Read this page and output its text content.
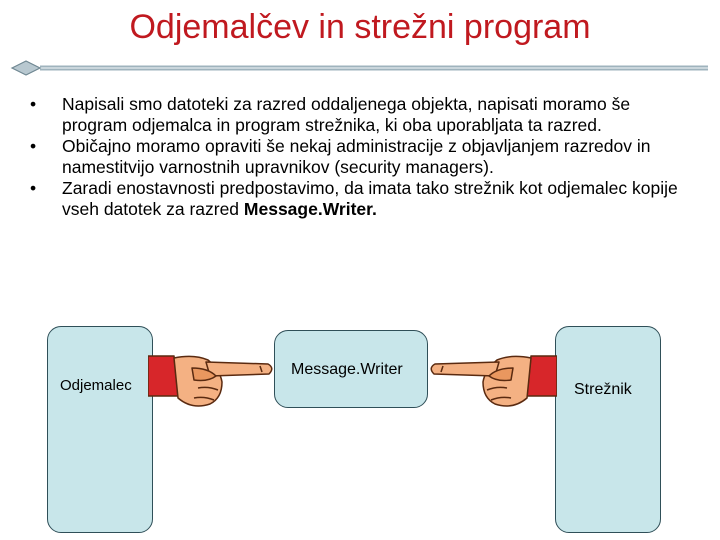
Odjemalčev in strežni program
• Napisali smo datoteki za razred oddaljenega objekta, napisati moramo še program odjemalca in program strežnika, ki oba uporabljata ta razred.
• Običajno moramo opraviti še nekaj administracije z objavljanjem razredov in namestitvijo varnostnih upravnikov (security managers).
• Zaradi enostavnosti predpostavimo, da imata tako strežnik kot odjemalec kopije vseh datotek za razred Message.Writer.
Odjemalec
Message.Writer
Strežnik
